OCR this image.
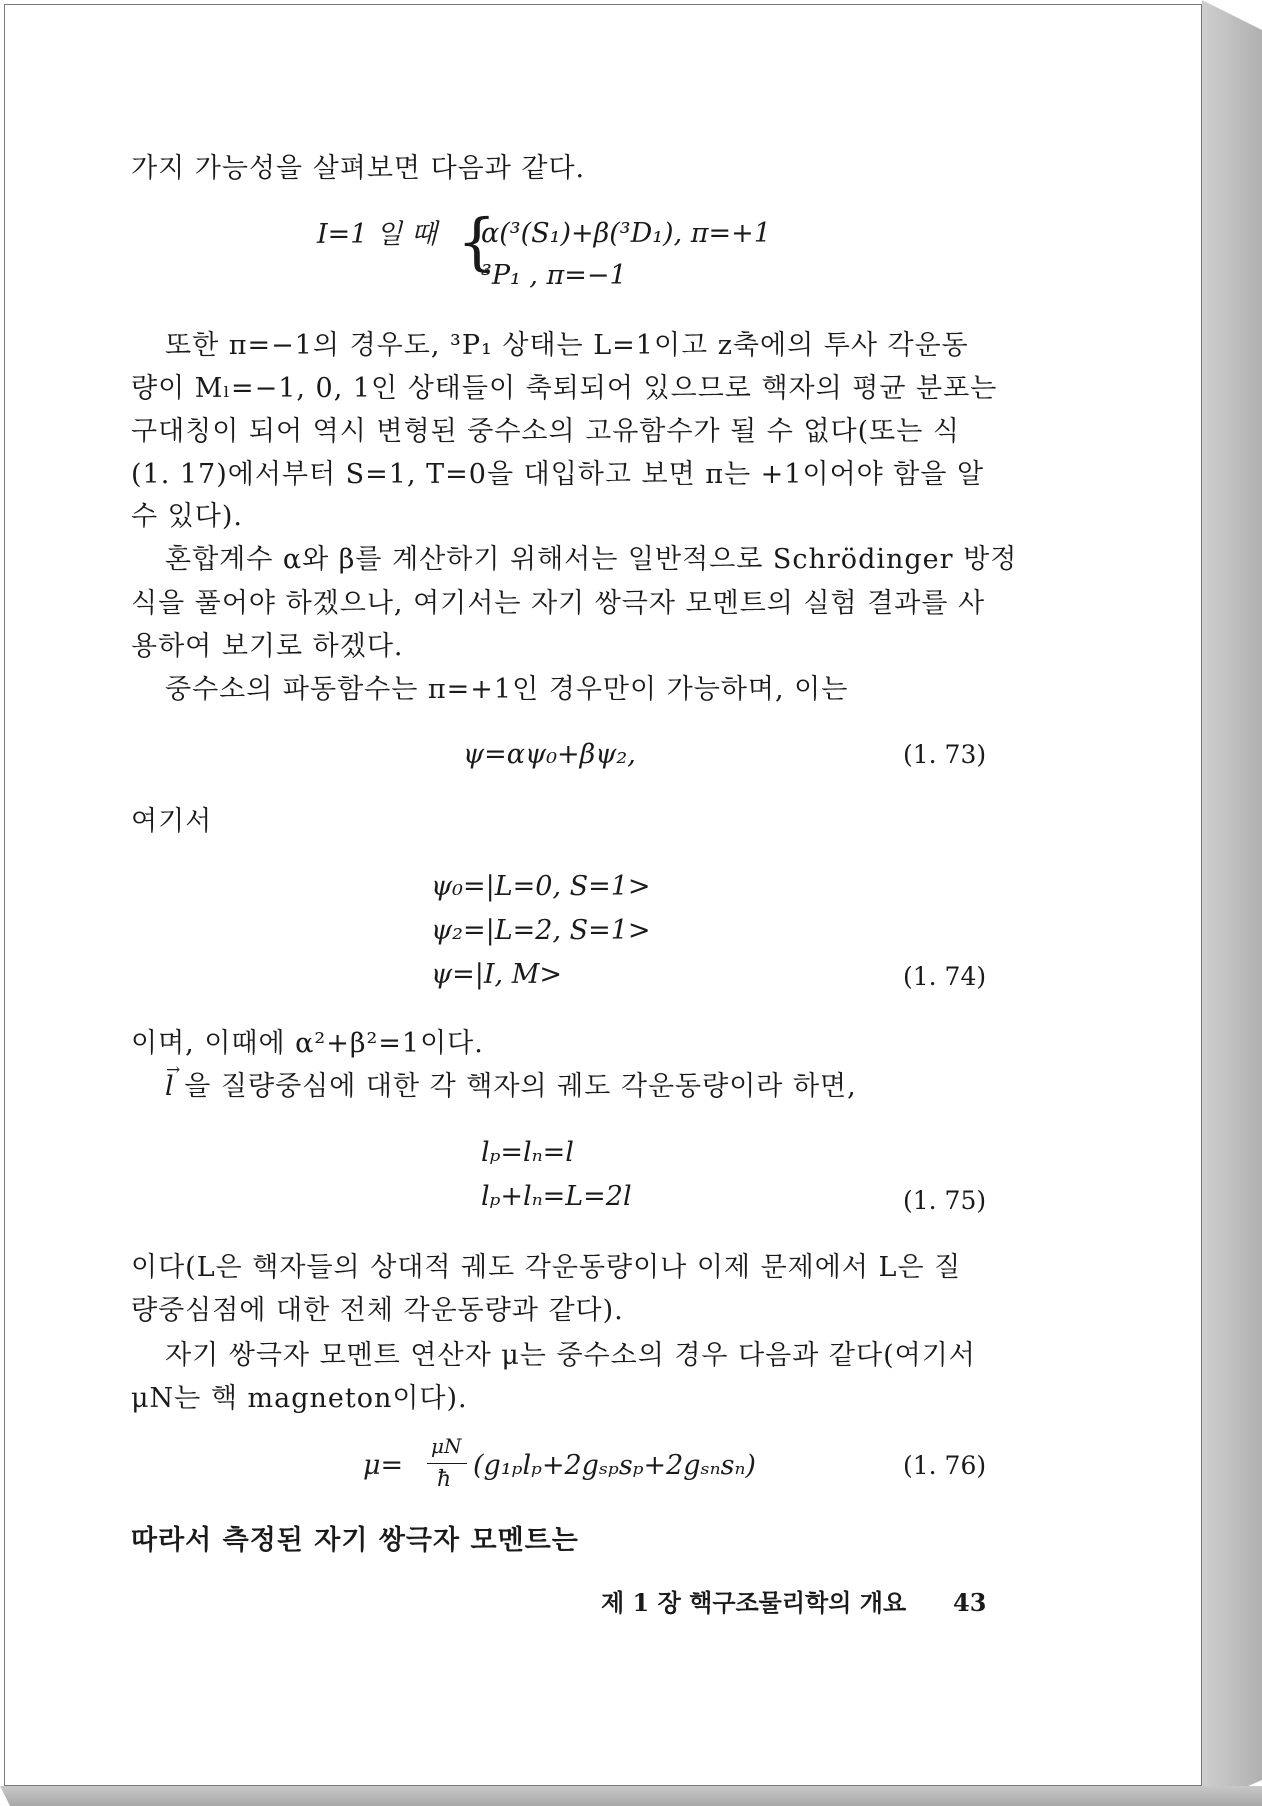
가지 가능성을 살펴보면 다음과 같다.
I=1 일 때 {
α(³(S₁)+β(³D₁), π=+1
³P₁ , π=−1
또한 π=−1의 경우도, ³P₁ 상태는 L=1이고 z축에의 투사 각운동
량이 Mₗ=−1, 0, 1인 상태들이 축퇴되어 있으므로 핵자의 평균 분포는
구대칭이 되어 역시 변형된 중수소의 고유함수가 될 수 없다(또는 식
(1. 17)에서부터 S=1, T=0을 대입하고 보면 π는 +1이어야 함을 알
수 있다).
혼합계수 α와 β를 계산하기 위해서는 일반적으로 Schrödinger 방정
식을 풀어야 하겠으나, 여기서는 자기 쌍극자 모멘트의 실험 결과를 사
용하여 보기로 하겠다.
중수소의 파동함수는 π=+1인 경우만이 가능하며, 이는
ψ=αψ₀+βψ₂,	(1. 73)
여기서
ψ₀=|L=0, S=1>
ψ₂=|L=2, S=1>
ψ=|I, M>	(1. 74)
이며, 이때에 α²+β²=1이다.
→ l 을 질량중심에 대한 각 핵자의 궤도 각운동량이라 하면,
lₚ=lₙ=l
lₚ+lₙ=L=2l	(1. 75)
이다(L은 핵자들의 상대적 궤도 각운동량이나 이제 문제에서 L은 질
량중심점에 대한 전체 각운동량과 같다).
자기 쌍극자 모멘트 연산자 μ는 중수소의 경우 다음과 같다(여기서
μN는 핵 magneton이다).
μ=
μN
ħ (g₁ₚlₚ+2gₛₚsₚ+2gₛₙsₙ)	(1. 76)
따라서 측정된 자기 쌍극자 모멘트는
제 1 장 핵구조물리학의 개요 43
